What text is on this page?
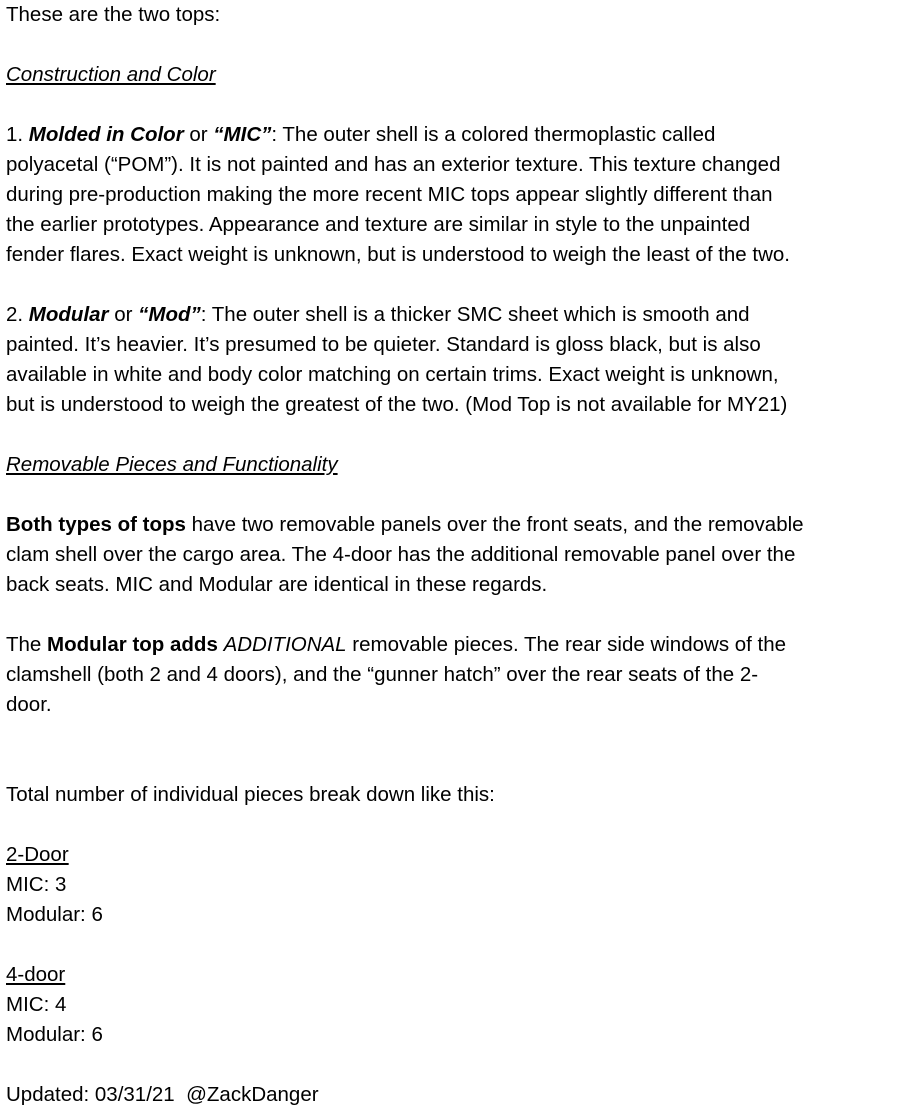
These are the two tops:
Construction and Color
1. Molded in Color or “MIC”: The outer shell is a colored thermoplastic called
polyacetal (“POM”). It is not painted and has an exterior texture. This texture changed
during pre-production making the more recent MIC tops appear slightly different than
the earlier prototypes. Appearance and texture are similar in style to the unpainted
fender flares. Exact weight is unknown, but is understood to weigh the least of the two.
2. Modular or “Mod”: The outer shell is a thicker SMC sheet which is smooth and
painted. It’s heavier. It’s presumed to be quieter. Standard is gloss black, but is also
available in white and body color matching on certain trims. Exact weight is unknown,
but is understood to weigh the greatest of the two. (Mod Top is not available for MY21)
Removable Pieces and Functionality
Both types of tops have two removable panels over the front seats, and the removable
clam shell over the cargo area. The 4-door has the additional removable panel over the
back seats. MIC and Modular are identical in these regards.
The Modular top adds ADDITIONAL removable pieces. The rear side windows of the
clamshell (both 2 and 4 doors), and the “gunner hatch” over the rear seats of the 2-
door.
Total number of individual pieces break down like this:
2-Door
MIC: 3
Modular: 6
4-door
MIC: 4
Modular: 6
Updated: 03/31/21  @ZackDanger
